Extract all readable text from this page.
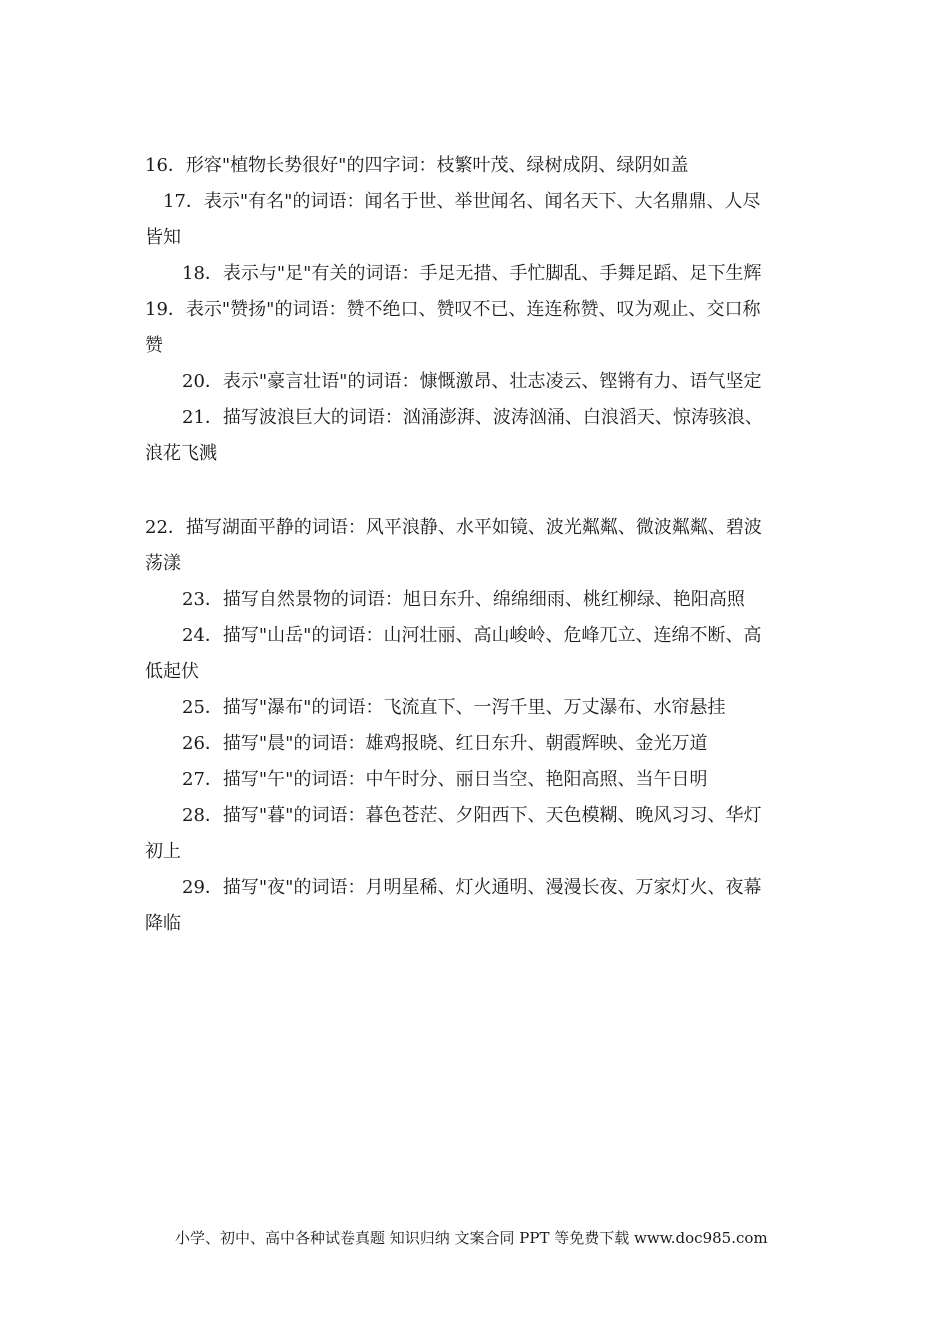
16．形容"植物长势很好"的四字词：枝繁叶茂、绿树成阴、绿阴如盖
17．表示"有名"的词语：闻名于世、举世闻名、闻名天下、大名鼎鼎、人尽
皆知
18．表示与"足"有关的词语：手足无措、手忙脚乱、手舞足蹈、足下生辉
19．表示"赞扬"的词语：赞不绝口、赞叹不已、连连称赞、叹为观止、交口称
赞
20．表示"豪言壮语"的词语：慷慨激昂、壮志凌云、铿锵有力、语气坚定
21．描写波浪巨大的词语：汹涌澎湃、波涛汹涌、白浪滔天、惊涛骇浪、
浪花飞溅
22．描写湖面平静的词语：风平浪静、水平如镜、波光粼粼、微波粼粼、碧波
荡漾
23．描写自然景物的词语：旭日东升、绵绵细雨、桃红柳绿、艳阳高照
24．描写"山岳"的词语：山河壮丽、高山峻岭、危峰兀立、连绵不断、高
低起伏
25．描写"瀑布"的词语：飞流直下、一泻千里、万丈瀑布、水帘悬挂
26．描写"晨"的词语：雄鸡报晓、红日东升、朝霞辉映、金光万道
27．描写"午"的词语：中午时分、丽日当空、艳阳高照、当午日明
28．描写"暮"的词语：暮色苍茫、夕阳西下、天色模糊、晚风习习、华灯
初上
29．描写"夜"的词语：月明星稀、灯火通明、漫漫长夜、万家灯火、夜幕
降临
小学、初中、高中各种试卷真题 知识归纳 文案合同 PPT 等免费下载 www.doc985.com
